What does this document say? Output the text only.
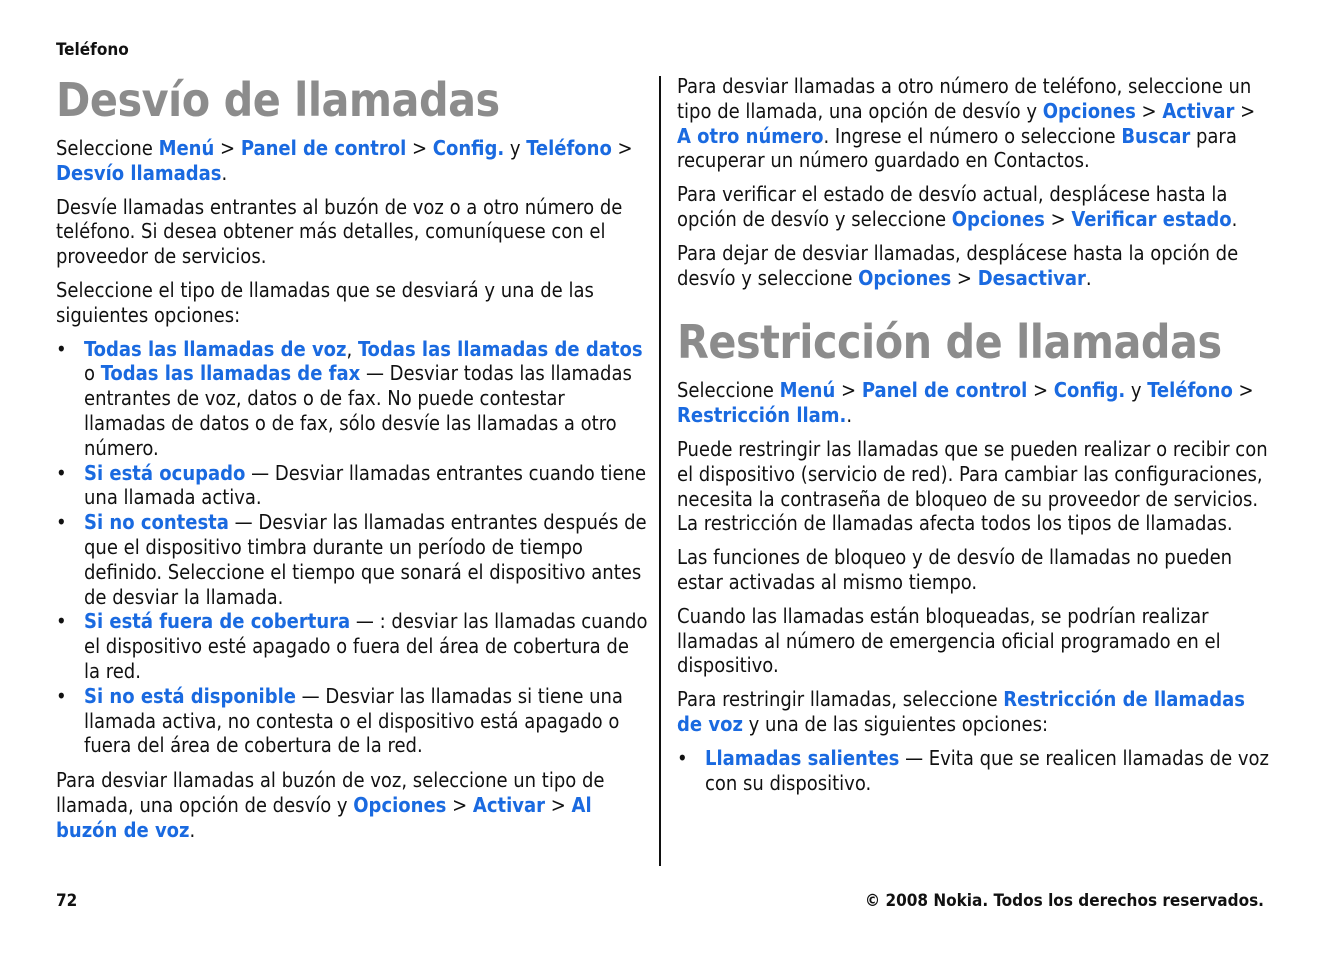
Teléfono
Desvío de llamadas

Seleccione Menú > Panel de control > Config. y Teléfono > Desvío llamadas.

Desvíe llamadas entrantes al buzón de voz o a otro número de teléfono. Si desea obtener más detalles, comuníquese con el proveedor de servicios.

Seleccione el tipo de llamadas que se desviará y una de las siguientes opciones:

• Todas las llamadas de voz, Todas las llamadas de datos o Todas las llamadas de fax — Desviar todas las llamadas entrantes de voz, datos o de fax. No puede contestar llamadas de datos o de fax, sólo desvíe las llamadas a otro número.
• Si está ocupado — Desviar llamadas entrantes cuando tiene una llamada activa.
• Si no contesta — Desviar las llamadas entrantes después de que el dispositivo timbra durante un período de tiempo definido. Seleccione el tiempo que sonará el dispositivo antes de desviar la llamada.
• Si está fuera de cobertura — : desviar las llamadas cuando el dispositivo esté apagado o fuera del área de cobertura de la red.
• Si no está disponible — Desviar las llamadas si tiene una llamada activa, no contesta o el dispositivo está apagado o fuera del área de cobertura de la red.

Para desviar llamadas al buzón de voz, seleccione un tipo de llamada, una opción de desvío y Opciones > Activar > Al buzón de voz.

Para desviar llamadas a otro número de teléfono, seleccione un tipo de llamada, una opción de desvío y Opciones > Activar > A otro número. Ingrese el número o seleccione Buscar para recuperar un número guardado en Contactos.

Para verificar el estado de desvío actual, desplácese hasta la opción de desvío y seleccione Opciones > Verificar estado.

Para dejar de desviar llamadas, desplácese hasta la opción de desvío y seleccione Opciones > Desactivar.

Restricción de llamadas

Seleccione Menú > Panel de control > Config. y Teléfono > Restricción llam..

Puede restringir las llamadas que se pueden realizar o recibir con el dispositivo (servicio de red). Para cambiar las configuraciones, necesita la contraseña de bloqueo de su proveedor de servicios. La restricción de llamadas afecta todos los tipos de llamadas.

Las funciones de bloqueo y de desvío de llamadas no pueden estar activadas al mismo tiempo.

Cuando las llamadas están bloqueadas, se podrían realizar llamadas al número de emergencia oficial programado en el dispositivo.

Para restringir llamadas, seleccione Restricción de llamadas de voz y una de las siguientes opciones:

• Llamadas salientes — Evita que se realicen llamadas de voz con su dispositivo.
72	© 2008 Nokia. Todos los derechos reservados.
